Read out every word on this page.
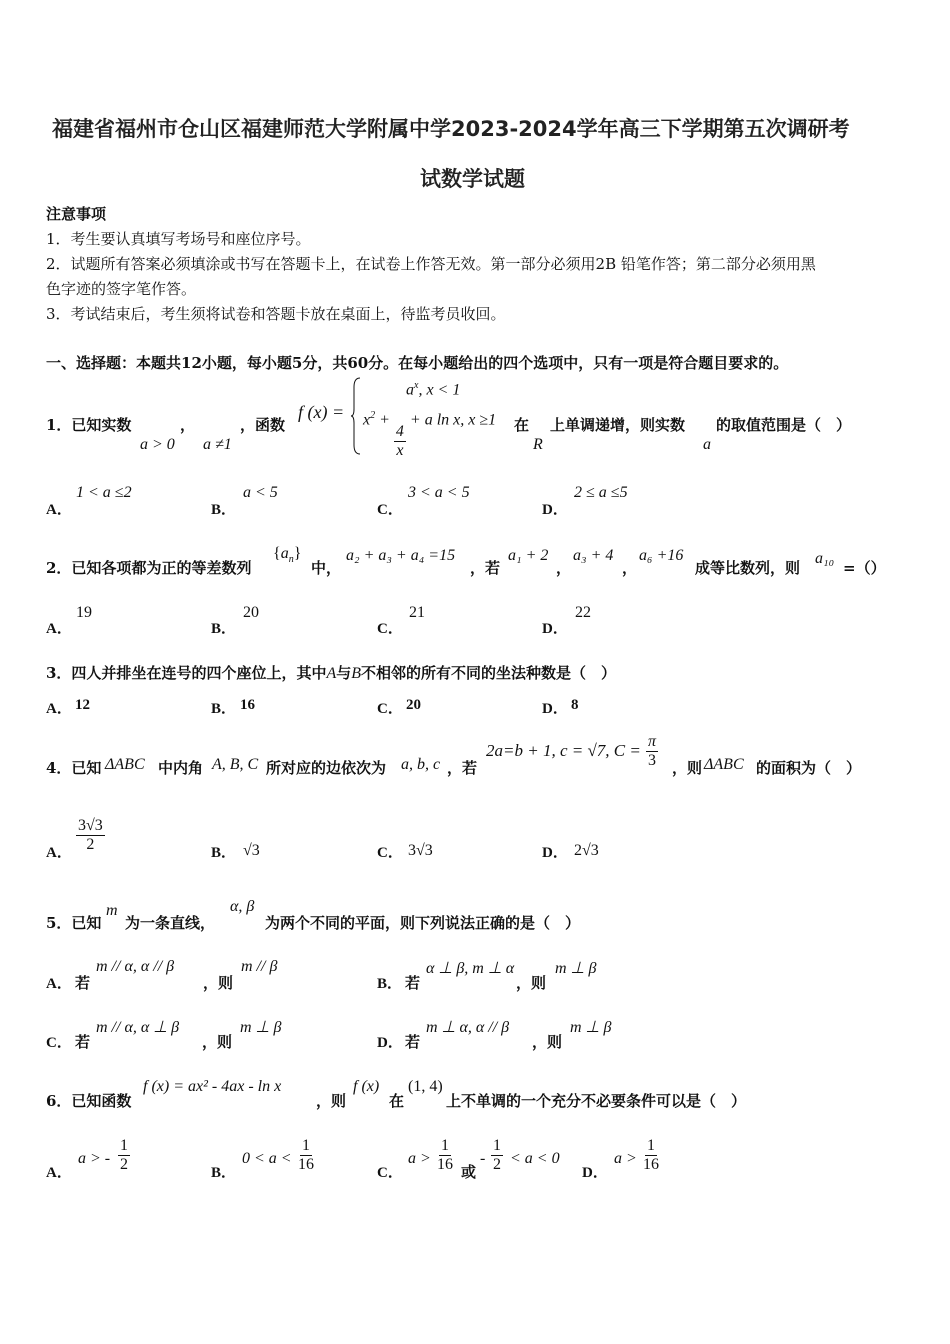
福建省福州市仓山区福建师范大学附属中学2023-2024学年高三下学期第五次调研考
试数学试题
注意事项
1．考生要认真填写考场号和座位序号。
2．试题所有答案必须填涂或书写在答题卡上，在试卷上作答无效。第一部分必须用2B 铅笔作答；第二部分必须用黑
色字迹的签字笔作答。
3．考试结束后，考生须将试卷和答题卡放在桌面上，待监考员收回。
一、选择题：本题共12小题，每小题5分，共60分。在每小题给出的四个选项中，只有一项是符合题目要求的。
1．已知实数	，	，函数
a > 0 a ≠1
f (x) =
$a^x$, x < 1
$x^2$ +
$\frac{4}{x}$
+ a ln x, x ≥1 在
R
上单调递增，则实数
a
的取值范围是（　）
A．
1 < a ≤2
B．
a < 5
C．
3 < a < 5
D．
2 ≤ a ≤5
2．已知各项都为正的等差数列
$\{a_n\}$
中，
a₂ + a₃ + a₄ =15
，若
a₁ + 2
，
a₃ + 4
，
a₆ +16
成等比数列，则
a₁₀
=（）
A．
19
B．
20
C．
21
D．
22
3．四人并排坐在连号的四个座位上，其中A与B不相邻的所有不同的坐法种数是（　）
A． 12	B． 16	C． 20	D． 8
4．已知 ΔABC 中内角 A, B, C 所对应的边依次为 a, b, c ，若
2a=b + 1, c = √7, $C = \frac{\pi}{3}$ ，则 ΔABC 的面积为（　）
A． $\frac{3√3}{2}$	B． √3	C． 3√3	D． 2√3
5．已知
m
为一条直线，
α, β
为两个不同的平面，则下列说法正确的是（　）
A． 若
m // α, α // β
，则
m // β
B． 若
α ⊥ β, m ⊥ α
，则
m ⊥ β
C． 若
m // α, α ⊥ β
，则
m ⊥ β
D． 若
m ⊥ α, α // β
，则
m ⊥ β
6．已知函数
f (x) = ax² - 4ax - ln x
，则
f (x)
在
(1, 4)
上不单调的一个充分不必要条件可以是（　）
A．
a > - $\frac{1}{2}$	B．
$0 < a < \frac{1}{16}$	C．
$a > \frac{1}{16}$ 或
- $\frac{1}{2} < a < 0$
D．
$a > \frac{1}{16}$
